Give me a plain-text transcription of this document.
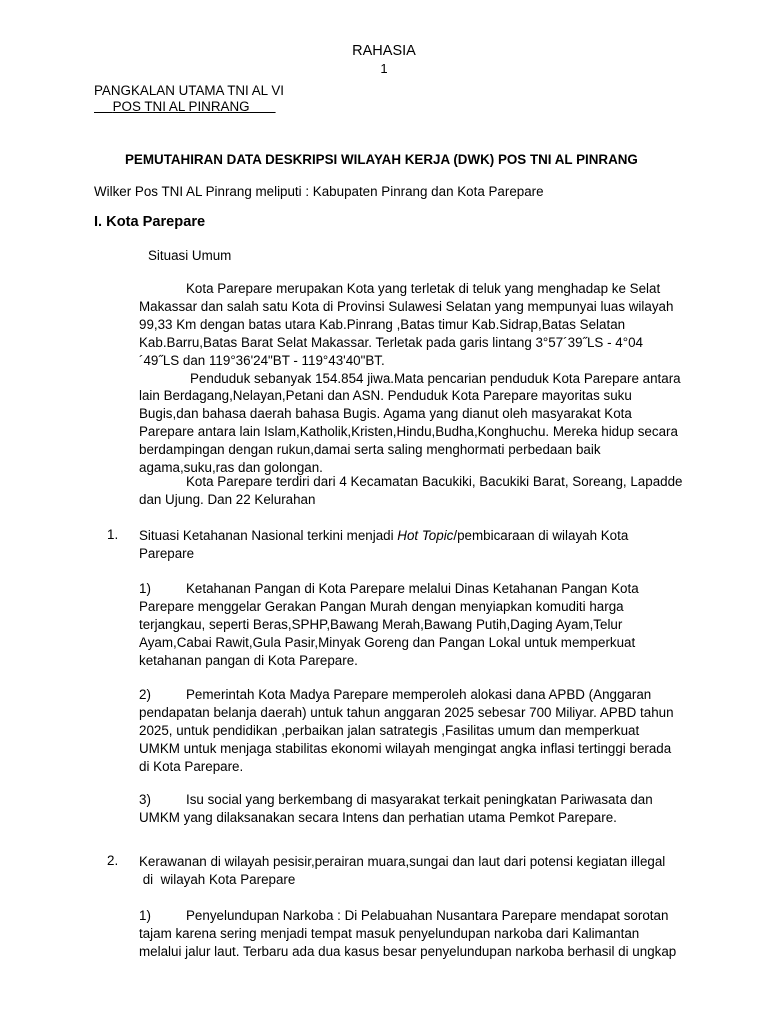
RAHASIA
1
PANGKALAN UTAMA TNI AL VI
POS TNI AL PINRANG
PEMUTAHIRAN DATA DESKRIPSI WILAYAH KERJA (DWK) POS TNI AL PINRANG
Wilker Pos TNI AL Pinrang meliputi : Kabupaten Pinrang dan Kota Parepare
I. Kota Parepare
Situasi Umum
Kota Parepare merupakan Kota yang terletak di teluk yang menghadap ke Selat
Makassar dan salah satu Kota di Provinsi Sulawesi Selatan yang mempunyai luas wilayah
99,33 Km dengan batas utara Kab.Pinrang ,Batas timur Kab.Sidrap,Batas Selatan
Kab.Barru,Batas Barat Selat Makassar. Terletak pada garis lintang 3°57´39˝LS - 4°04
´49˝LS dan 119°36'24"BT - 119°43'40"BT.
Penduduk sebanyak 154.854 jiwa.Mata pencarian penduduk Kota Parepare antara
lain Berdagang,Nelayan,Petani dan ASN. Penduduk Kota Parepare mayoritas suku
Bugis,dan bahasa daerah bahasa Bugis. Agama yang dianut oleh masyarakat Kota
Parepare antara lain Islam,Katholik,Kristen,Hindu,Budha,Konghuchu. Mereka hidup secara
berdampingan dengan rukun,damai serta saling menghormati perbedaan baik
agama,suku,ras dan golongan.
Kota Parepare terdiri dari 4 Kecamatan Bacukiki, Bacukiki Barat, Soreang, Lapadde
dan Ujung. Dan 22 Kelurahan
1. Situasi Ketahanan Nasional terkini menjadi Hot Topic/pembicaraan di wilayah Kota
Parepare
1)	Ketahanan Pangan di Kota Parepare melalui Dinas Ketahanan Pangan Kota
Parepare menggelar Gerakan Pangan Murah dengan menyiapkan komuditi harga
terjangkau, seperti Beras,SPHP,Bawang Merah,Bawang Putih,Daging Ayam,Telur
Ayam,Cabai Rawit,Gula Pasir,Minyak Goreng dan Pangan Lokal untuk memperkuat
ketahanan pangan di Kota Parepare.
2)	Pemerintah Kota Madya Parepare memperoleh alokasi dana APBD (Anggaran
pendapatan belanja daerah) untuk tahun anggaran 2025 sebesar 700 Miliyar. APBD tahun
2025, untuk pendidikan ,perbaikan jalan satrategis ,Fasilitas umum dan memperkuat
UMKM untuk menjaga stabilitas ekonomi wilayah mengingat angka inflasi tertinggi berada
di Kota Parepare.
3)	Isu social yang berkembang di masyarakat terkait peningkatan Pariwasata dan
UMKM yang dilaksanakan secara Intens dan perhatian utama Pemkot Parepare.
2. Kerawanan di wilayah pesisir,perairan muara,sungai dan laut dari potensi kegiatan illegal
di  wilayah Kota Parepare
1)	Penyelundupan Narkoba : Di Pelabuahan Nusantara Parepare mendapat sorotan
tajam karena sering menjadi tempat masuk penyelundupan narkoba dari Kalimantan
melalui jalur laut. Terbaru ada dua kasus besar penyelundupan narkoba berhasil di ungkap
